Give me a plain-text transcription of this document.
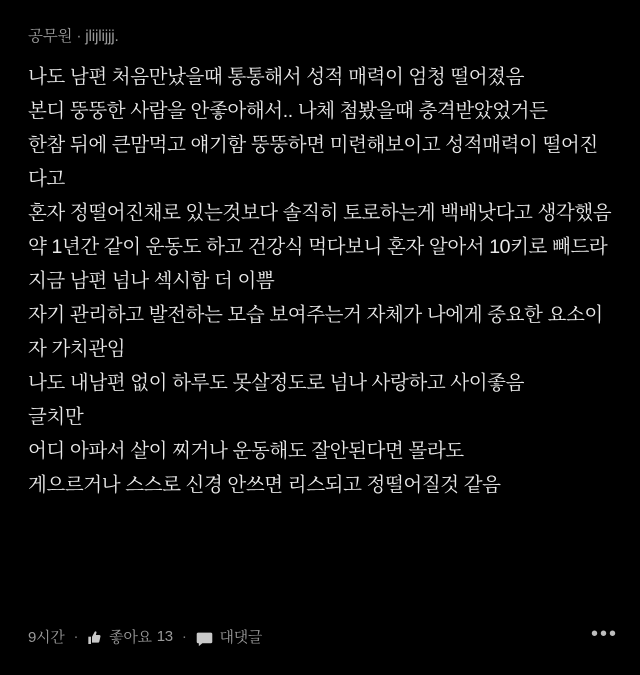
공무원 · jlijlijjj.
나도 남편 처음만났을때 통통해서 성적 매력이 엄청 떨어졌음
본디 뚱뚱한 사람을 안좋아해서.. 나체 첨봤을때 충격받았었거든
한참 뒤에 큰맘먹고 얘기함 뚱뚱하면 미련해보이고 성적매력이 떨어진다고
혼자 정떨어진채로 있는것보다 솔직히 토로하는게 백배낫다고 생각했음
약 1년간 같이 운동도 하고 건강식 먹다보니 혼자 알아서 10키로 빼드라
지금 남편 넘나 섹시함 더 이쁨
자기 관리하고 발전하는 모습 보여주는거 자체가 나에게 중요한 요소이자 가치관임
나도 내남편 없이 하루도 못살정도로 넘나 사랑하고 사이좋음
글치만
어디 아파서 살이 찌거나 운동해도 잘안된다면 몰라도
게으르거나 스스로 신경 안쓰면 리스되고 정떨어질것 같음
9시간 ·	좋아요 13 ·	대댓글	•••
